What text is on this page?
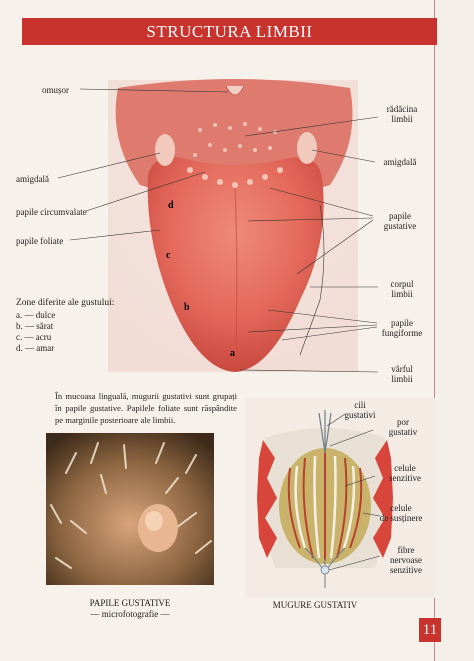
STRUCTURA LIMBII
d
c
b
a
omușor
amigdală
papile circumvalate
papile foliate
rădăcina
limbii
amigdală
papile
gustative
corpul
limbii
papile
fungiforme
vârful
limbii
Zone diferite ale gustului:
a. — dulce
b. — sărat
c. — acru
d. — amar
În mucoasa linguală, mugurii gustativi sunt grupați în papile gustative. Papilele foliate sunt răspândite pe marginile posterioare ale limbii.
PAPILE GUSTATIVE
— microfotografie —
cili
gustativi
por
gustativ
celule
senzitive
celule
de susținere
fibre
nervoase
senzitive
MUGURE GUSTATIV
11
